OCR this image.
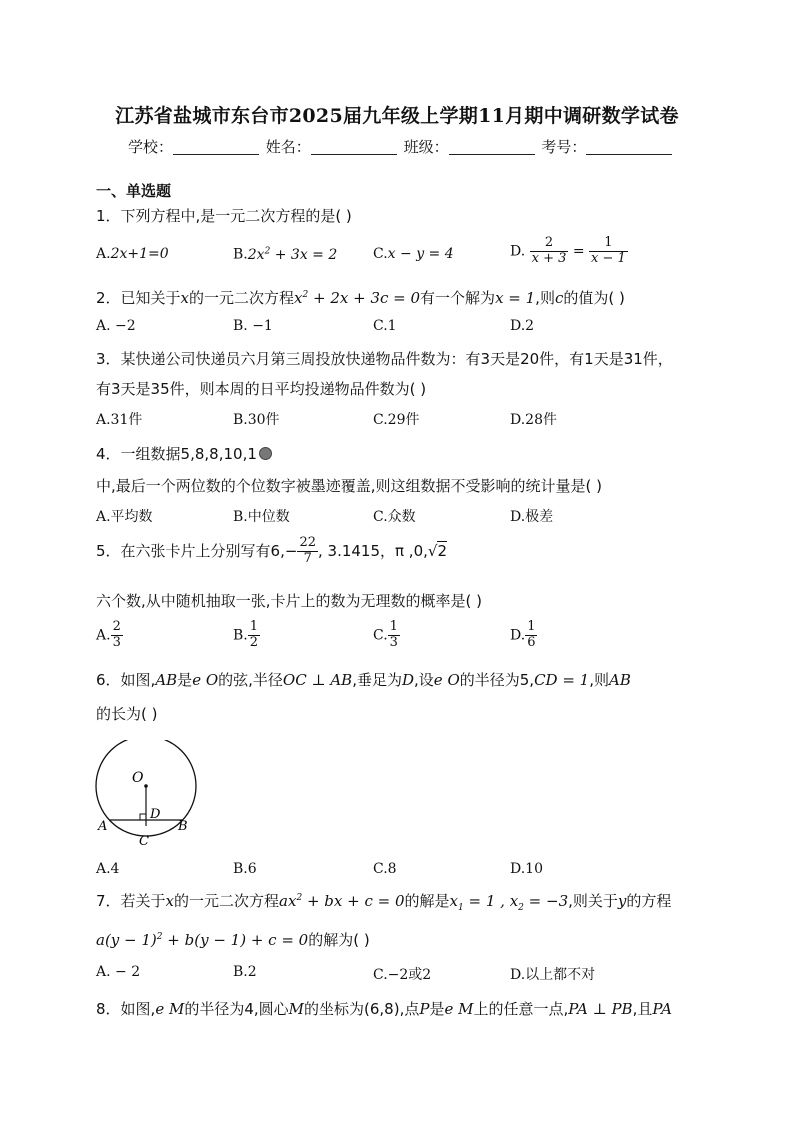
江苏省盐城市东台市2025届九年级上学期11月期中调研数学试卷
学校：	姓名：	班级：	考号：
一、单选题
1．下列方程中,是一元二次方程的是( )
A.2x+1=0	$B.2x^2 + 3x = 2$	C.x − y = 4	D. $\frac{2}{x + 3} = \frac{1}{x - 1}$
2．已知关于x的一元二次方程$x^2 + 2x + 3c = 0$有一个解为x = 1,则c的值为( )
A. −2	B. −1	C.1	D.2
3．某快递公司快递员六月第三周投放快递物品件数为：有3天是20件，有1天是31件，
有3天是35件，则本周的日平均投递物品件数为( )
A.31件	B.30件	C.29件	D.28件
4．一组数据5,8,8,10,1
中,最后一个两位数的个位数字被墨迹覆盖,则这组数据不受影响的统计量是( )
A.平均数	B.中位数	C.众数	D.极差
5．在六张卡片上分别写有$6,- \frac{22}{7}$ , 3.1415，π ,0,√2
六个数,从中随机抽取一张,卡片上的数为无理数的概率是( )
A. $\frac{2}{3}$	B. $\frac{1}{2}$	C. $\frac{1}{3}$	D. $\frac{1}{6}$
6．如图,AB是e O的弦,半径OC ⊥ AB,垂足为D,设e O的半径为5,CD = 1,则AB
的长为( )
O
D
A	B
C
A.4	B.6	C.8	D.10
7．若关于x的一元二次方程$ax^2$ + bx + c = 0的解是$x_1 = 1$ , $x_2 = -3$,则关于y的方程
$a(y - 1)^2 + b(y - 1) + c = 0$的解为( )
A. − 2	B.2	C.−2或2	D.以上都不对
8．如图,e M的半径为4,圆心M的坐标为(6,8),点P是e M上的任意一点,PA ⊥ PB,且PA
